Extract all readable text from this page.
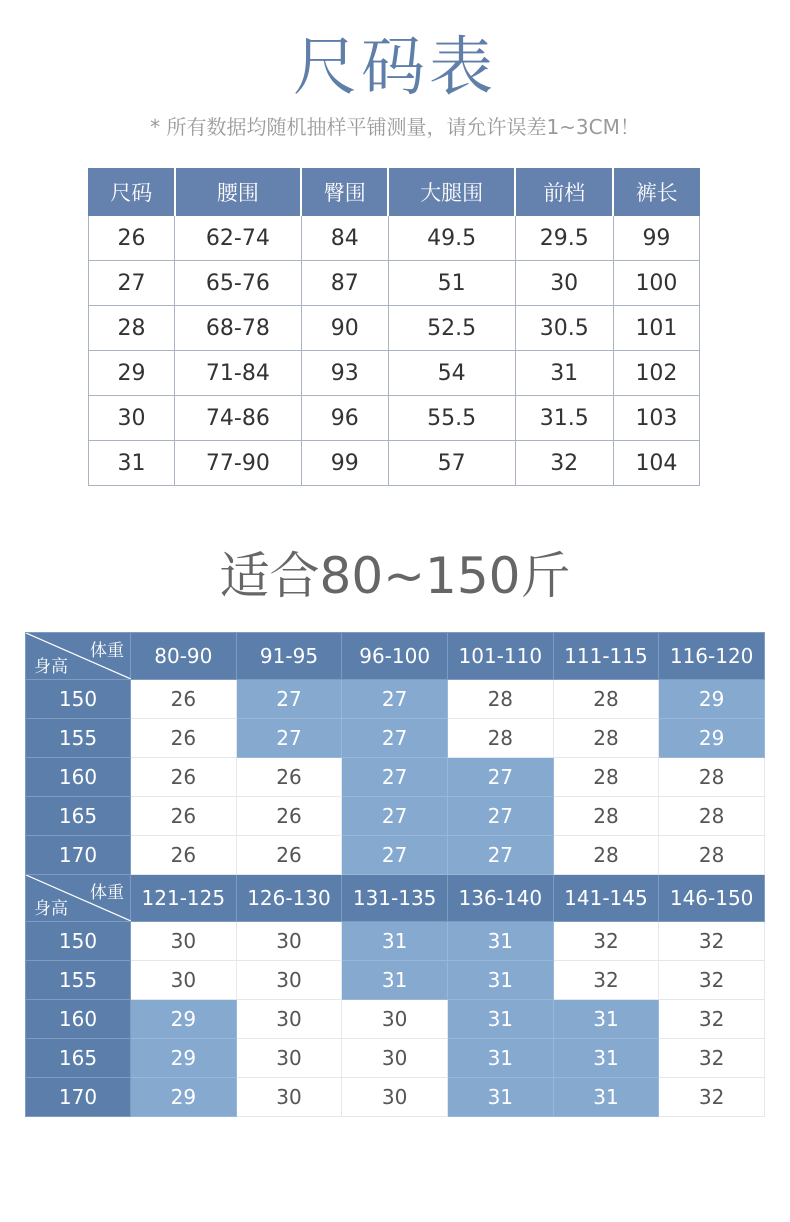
尺码表
* 所有数据均随机抽样平铺测量，请允许误差1~3CM！
尺码	腰围	臀围	大腿围	前档	裤长
26	62-74	84	49.5	29.5	99
27	65-76	87	51	30	100
28	68-78	90	52.5	30.5	101
29	71-84	93	54	31	102
30	74-86	96	55.5	31.5	103
31	77-90	99	57	32	104
适合80~150斤
体重
身高	80-90	91-95	96-100	101-110	111-115	116-120
150	26	27	27	28	28	29
155	26	27	27	28	28	29
160	26	26	27	27	28	28
165	26	26	27	27	28	28
170	26	26	27	27	28	28

体重
身高	121-125	126-130	131-135	136-140	141-145	146-150
150	30	30	31	31	32	32
155	30	30	31	31	32	32
160	29	30	30	31	31	32
165	29	30	30	31	31	32
170	29	30	30	31	31	32
